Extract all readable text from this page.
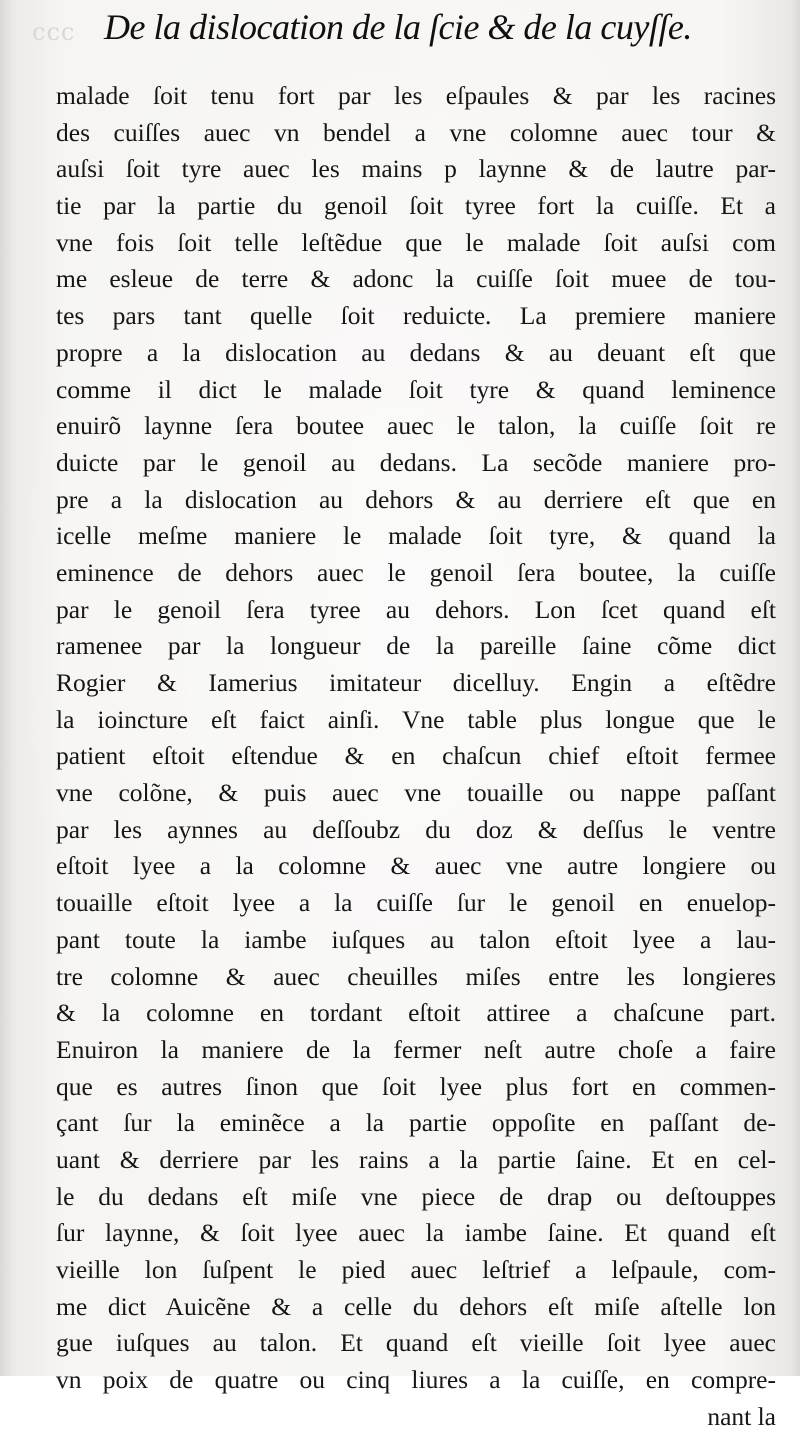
ccc De la dislocation de la ſcie & de la cuyſſe.
malade ſoit tenu fort par les eſpaules & par les racines
des cuiſſes auec vn bendel a vne colomne auec tour &
auſsi ſoit tyre auec les mains p laynne & de lautre par-
tie par la partie du genoil ſoit tyree fort la cuiſſe. Et a
vne fois ſoit telle leſtẽdue que le malade ſoit auſsi com
me esleue de terre & adonc la cuiſſe ſoit muee de tou-
tes pars tant quelle ſoit reduicte. La premiere maniere
propre a la dislocation au dedans & au deuant eſt que
comme il dict le malade ſoit tyre & quand leminence
enuirõ laynne ſera boutee auec le talon, la cuiſſe ſoit re
duicte par le genoil au dedans. La secõde maniere pro-
pre a la dislocation au dehors & au derriere eſt que en
icelle meſme maniere le malade ſoit tyre, & quand la
eminence de dehors auec le genoil ſera boutee, la cuiſſe
par le genoil ſera tyree au dehors. Lon ſcet quand eſt
ramenee par la longueur de la pareille ſaine cõme dict
Rogier & Iamerius imitateur dicelluy. Engin a eſtẽdre
la ioincture eſt faict ainſi. Vne table plus longue que le
patient eſtoit eſtendue & en chaſcun chief eſtoit fermee
vne colõne, & puis auec vne touaille ou nappe paſſant
par les aynnes au deſſoubz du doz & deſſus le ventre
eſtoit lyee a la colomne & auec vne autre longiere ou
touaille eſtoit lyee a la cuiſſe ſur le genoil en enuelop-
pant toute la iambe iuſques au talon eſtoit lyee a lau-
tre colomne & auec cheuilles miſes entre les longieres
& la colomne en tordant eſtoit attiree a chaſcune part.
Enuiron la maniere de la fermer neſt autre choſe a faire
que es autres ſinon que ſoit lyee plus fort en commen-
çant ſur la eminẽce a la partie oppoſite en paſſant de-
uant & derriere par les rains a la partie ſaine. Et en cel-
le du dedans eſt miſe vne piece de drap ou deſtouppes
ſur laynne, & ſoit lyee auec la iambe ſaine. Et quand eſt
vieille lon ſuſpent le pied auec leſtrief a leſpaule, com-
me dict Auicẽne & a celle du dehors eſt miſe aſtelle lon
gue iuſques au talon. Et quand eſt vieille ſoit lyee auec
vn poix de quatre ou cinq liures a la cuiſſe, en compre-
nant la
